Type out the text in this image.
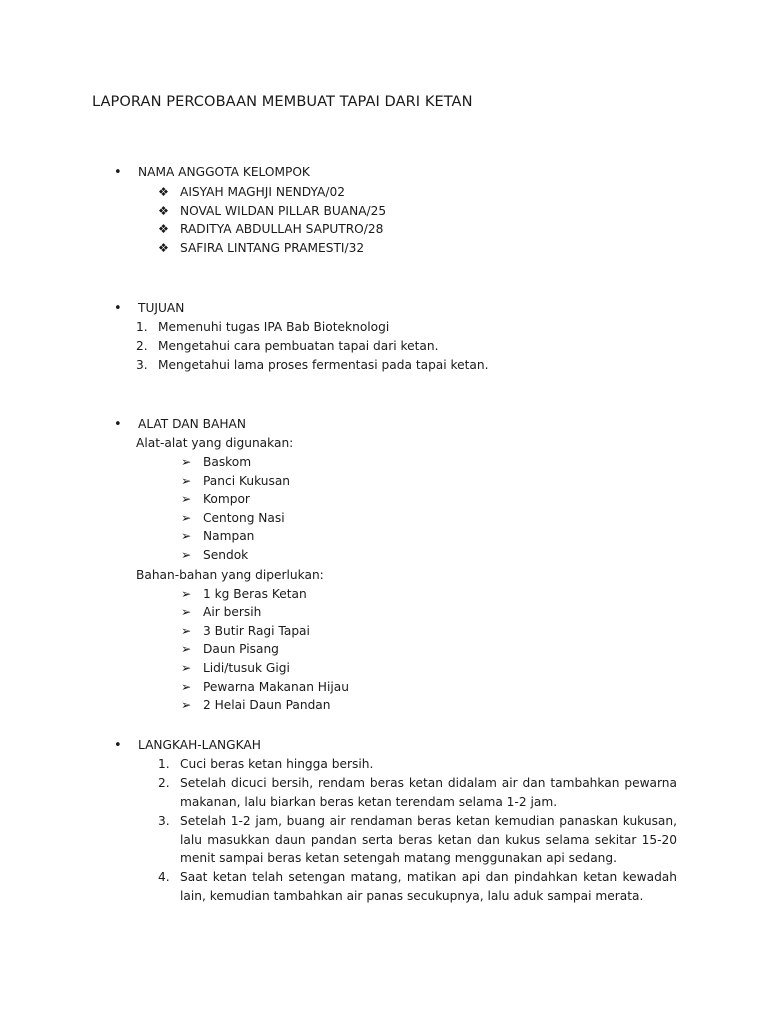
LAPORAN PERCOBAAN MEMBUAT TAPAI DARI KETAN
• NAMA ANGGOTA KELOMPOK
❖ AISYAH MAGHJI NENDYA/02
❖ NOVAL WILDAN PILLAR BUANA/25
❖ RADITYA ABDULLAH SAPUTRO/28
❖ SAFIRA LINTANG PRAMESTI/32
• TUJUAN
1. Memenuhi tugas IPA Bab Bioteknologi
2. Mengetahui cara pembuatan tapai dari ketan.
3. Mengetahui lama proses fermentasi pada tapai ketan.
• ALAT DAN BAHAN
Alat-alat yang digunakan:
➢ Baskom
➢ Panci Kukusan
➢ Kompor
➢ Centong Nasi
➢ Nampan
➢ Sendok
Bahan-bahan yang diperlukan:
➢ 1 kg Beras Ketan
➢ Air bersih
➢ 3 Butir Ragi Tapai
➢ Daun Pisang
➢ Lidi/tusuk Gigi
➢ Pewarna Makanan Hijau
➢ 2 Helai Daun Pandan
• LANGKAH-LANGKAH
1. Cuci beras ketan hingga bersih.
2. Setelah dicuci bersih, rendam beras ketan didalam air dan tambahkan pewarna makanan, lalu biarkan beras ketan terendam selama 1-2 jam.
3. Setelah 1-2 jam, buang air rendaman beras ketan kemudian panaskan kukusan, lalu masukkan daun pandan serta beras ketan dan kukus selama sekitar 15-20 menit sampai beras ketan setengah matang menggunakan api sedang.
4. Saat ketan telah setengan matang, matikan api dan pindahkan ketan kewadah lain, kemudian tambahkan air panas secukupnya, lalu aduk sampai merata.
